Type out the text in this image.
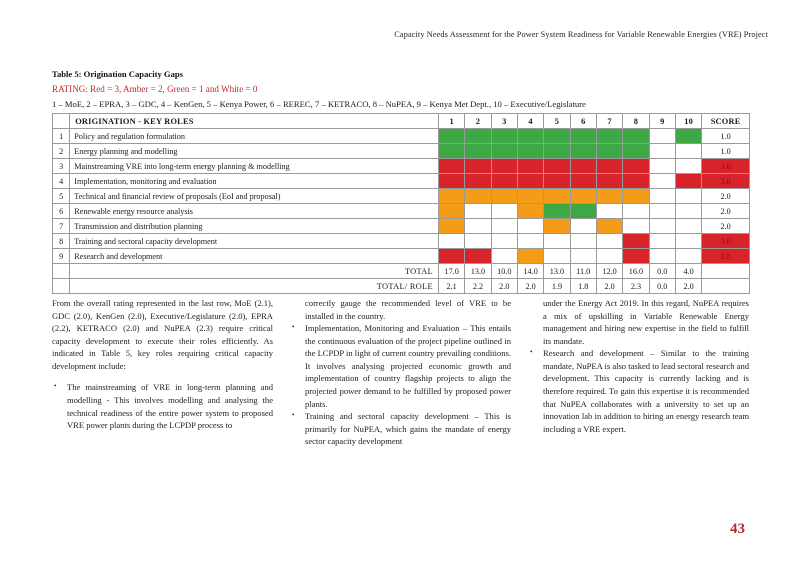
Capacity Needs Assessment for the Power System Readiness for Variable Renewable Energies (VRE) Project
Table 5: Origination Capacity Gaps
RATING: Red = 3, Amber = 2, Green = 1 and White = 0
1 – MoE, 2 – EPRA, 3 – GDC, 4 – KenGen, 5 – Kenya Power, 6 – REREC, 7 – KETRACO, 8 – NuPEA, 9 – Kenya Met Dept., 10 – Executive/Legislature
	ORIGINATION - KEY ROLES	1	2	3	4	5	6	7	8	9	10	SCORE
1	Policy and regulation formulation											1.0
2	Energy planning and modelling											1.0
3	Mainstreaming VRE into long-term energy planning & modelling											3.0
4	Implementation, monitoring and evaluation											3.0
5	Technical and financial review of proposals (EoI and proposal)											2.0
6	Renewable energy resource analysis											2.0
7	Transmission and distribution planning											2.0
8	Training and sectoral capacity development											3.0
9	Research and development											2.8
	TOTAL	17.0	13.0	10.0	14.0	13.0	11.0	12.0	16.0	0.0	4.0	
	TOTAL/ ROLE	2.1	2.2	2.0	2.0	1.9	1.8	2.0	2.3	0.0	2.0	

From the overall rating represented in the last row, MoE (2.1), GDC (2.0), KenGen (2.0), Executive/Legislature (2.0), EPRA (2.2), KETRACO (2.0) and NuPEA (2.3) require critical capacity development to execute their roles efficiently. As indicated in Table 5, key roles requiring critical capacity development include:

• The mainstreaming of VRE in long-term planning and modelling - This involves modelling and analysing the technical readiness of the entire power system to proposed VRE power plants during the LCPDP process to
correctly gauge the recommended level of VRE to be installed in the country.
• Implementation, Monitoring and Evaluation – This entails the continuous evaluation of the project pipeline outlined in the LCPDP in light of current country prevailing conditions. It involves analysing projected economic growth and implementation of country flagship projects to align the projected power demand to be fulfilled by proposed power plants.
• Training and sectoral capacity development – This is primarily for NuPEA, which gains the mandate of energy sector capacity development
under the Energy Act 2019. In this regard, NuPEA requires a mix of upskilling in Variable Renewable Energy management and hiring new expertise in the field to fulfill its mandate.
• Research and development – Similar to the training mandate, NuPEA is also tasked to lead sectoral research and development. This capacity is currently lacking and is therefore required. To gain this expertise it is recommended that NuPEA collaborates with a university to set up an innovation lab in addition to hiring an energy research team including a VRE expert.
43
